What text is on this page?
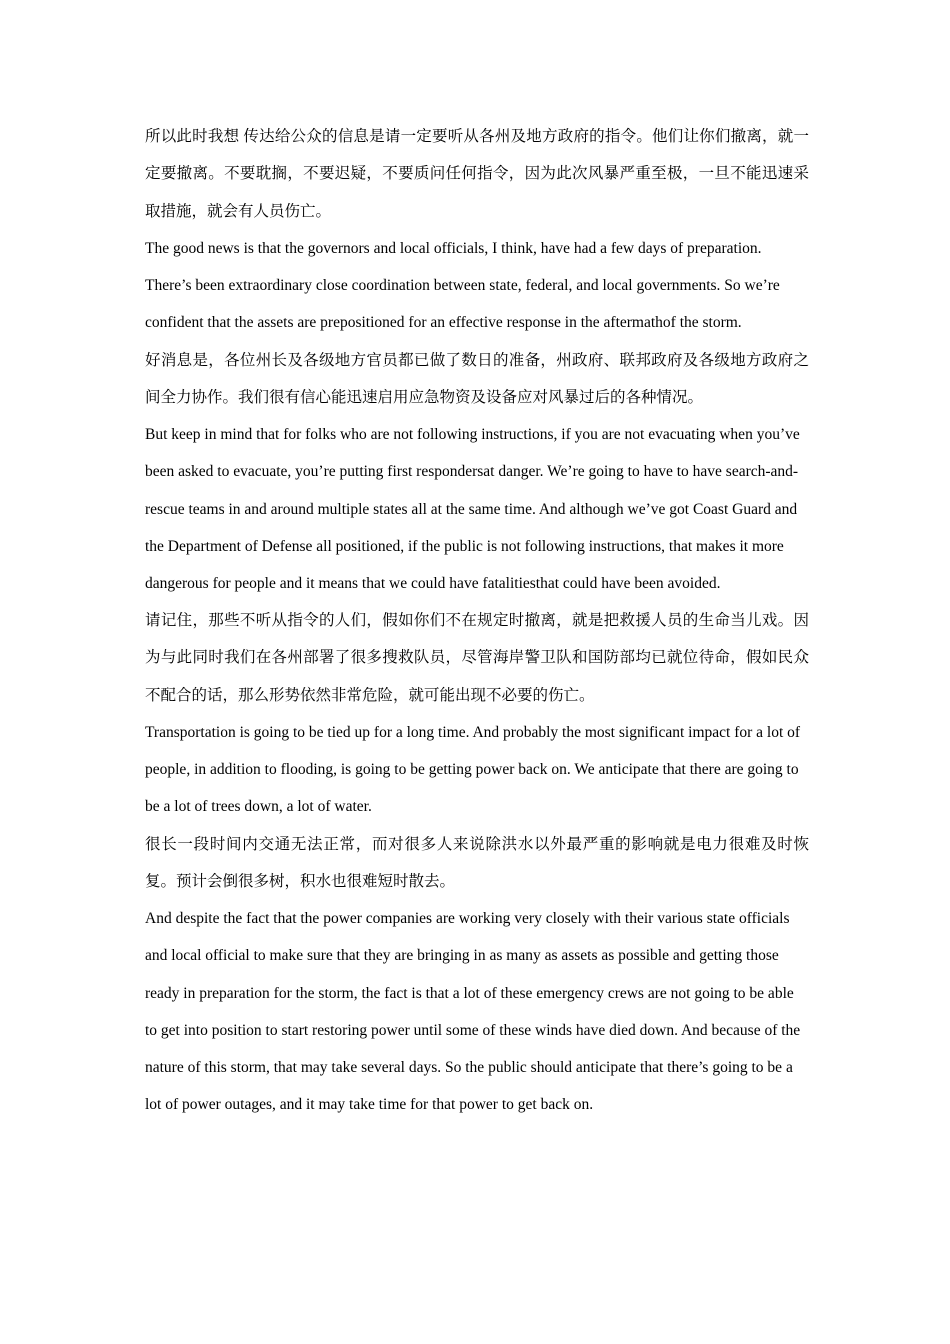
所以此时我想 传达给公众的信息是请一定要听从各州及地方政府的指令。他们让你们撤离，就一定要撤离。不要耽搁，不要迟疑，不要质问任何指令，因为此次风暴严重至极，一旦不能迅速采取措施，就会有人员伤亡。

The good news is that the governors and local officials, I think, have had a few days of preparation. There’s been extraordinary close coordination between state, federal, and local governments. So we’re confident that the assets are prepositioned for an effective response in the aftermathof the storm.

好消息是，各位州长及各级地方官员都已做了数日的准备，州政府、联邦政府及各级地方政府之间全力协作。我们很有信心能迅速启用应急物资及设备应对风暴过后的各种情况。

But keep in mind that for folks who are not following instructions, if you are not evacuating when you’ve been asked to evacuate, you’re putting first respondersat danger. We’re going to have to have search-and-rescue teams in and around multiple states all at the same time. And although we’ve got Coast Guard and the Department of Defense all positioned, if the public is not following instructions, that makes it more dangerous for people and it means that we could have fatalitiesthat could have been avoided.

请记住，那些不听从指令的人们，假如你们不在规定时撤离，就是把救援人员的生命当儿戏。因为与此同时我们在各州部署了很多搜救队员，尽管海岸警卫队和国防部均已就位待命，假如民众不配合的话，那么形势依然非常危险，就可能出现不必要的伤亡。

Transportation is going to be tied up for a long time. And probably the most significant impact for a lot of people, in addition to flooding, is going to be getting power back on. We anticipate that there are going to be a lot of trees down, a lot of water.

很长一段时间内交通无法正常，而对很多人来说除洪水以外最严重的影响就是电力很难及时恢复。预计会倒很多树，积水也很难短时散去。

And despite the fact that the power companies are working very closely with their various state officials and local official to make sure that they are bringing in as many as assets as possible and getting those ready in preparation for the storm, the fact is that a lot of these emergency crews are not going to be able to get into position to start restoring power until some of these winds have died down. And because of the nature of this storm, that may take several days. So the public should anticipate that there’s going to be a lot of power outages, and it may take time for that power to get back on.
